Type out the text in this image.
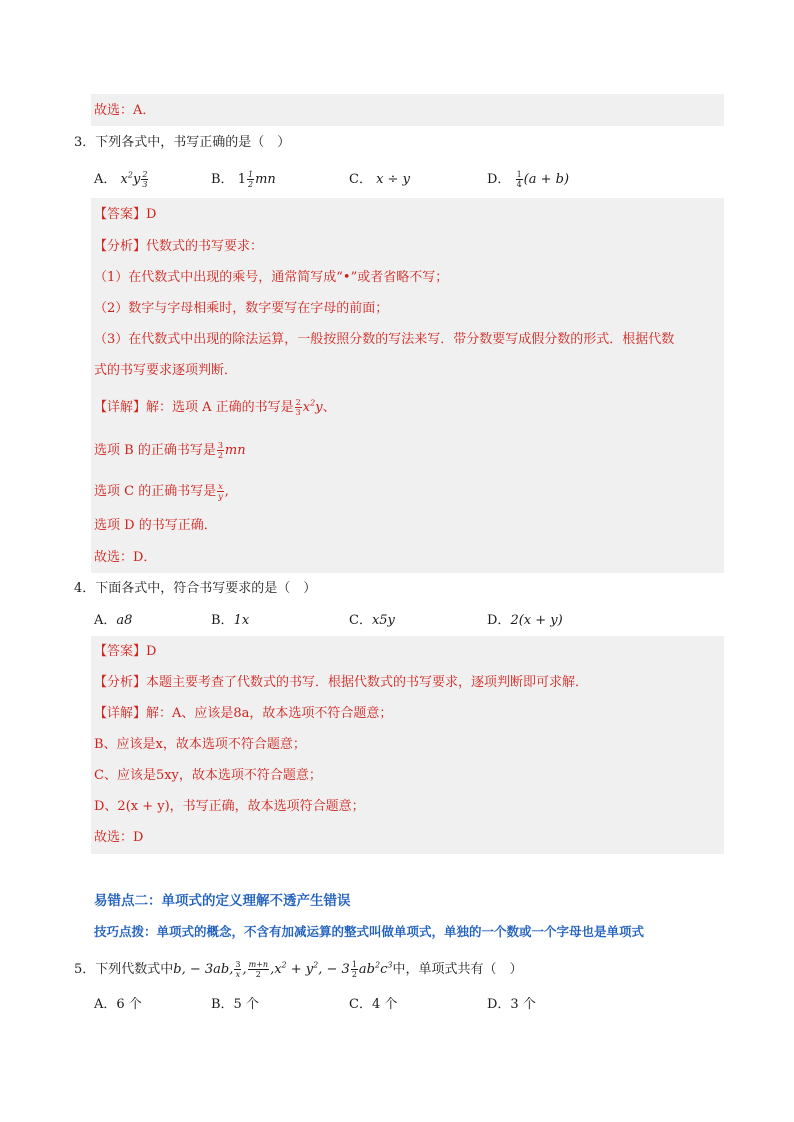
故选：A．
3．下列各式中，书写正确的是（　）
A． $x^2y \frac{2}{3}$	B． $1 \frac{1}{2}$ mn	C． x ÷ y	D． $\frac{1}{4} (a + b)$
【答案】D
【分析】代数式的书写要求：
（1）在代数式中出现的乘号，通常简写成“•”或者省略不写；
（2）数字与字母相乘时，数字要写在字母的前面；
（3）在代数式中出现的除法运算，一般按照分数的写法来写．带分数要写成假分数的形式．根据代数
式的书写要求逐项判断．
【详解】解：选项 A 正确的书写是 $\frac{2}{3} x^2y$、
选项 B 的正确书写是 $\frac{3}{2}$ mn
选项 C 的正确书写是 $\frac{x}{y}$ ,
选项 D 的书写正确．
故选：D．
4．下面各式中，符合书写要求的是（　）
A．a8	B．1x	C．x5y	D．2(x + y)
【答案】D
【分析】本题主要考查了代数式的书写．根据代数式的书写要求，逐项判断即可求解．
【详解】解：A、应该是8a，故本选项不符合题意；
B、应该是x，故本选项不符合题意；
C、应该是5xy，故本选项不符合题意；
D、2(x + y)，书写正确，故本选项符合题意；
故选：D
易错点二：单项式的定义理解不透产生错误
技巧点拨：单项式的概念，不含有加减运算的整式叫做单项式，单独的一个数或一个字母也是单项式
5．下列代数式中b, − 3ab, $\frac{3}{x}$ , $\frac{m+n}{2} ,x^2 + y^2$, − $3 \frac{1}{2} ab^2c^3$中，单项式共有（　）
A．6 个	B．5 个	C．4 个	D．3 个
